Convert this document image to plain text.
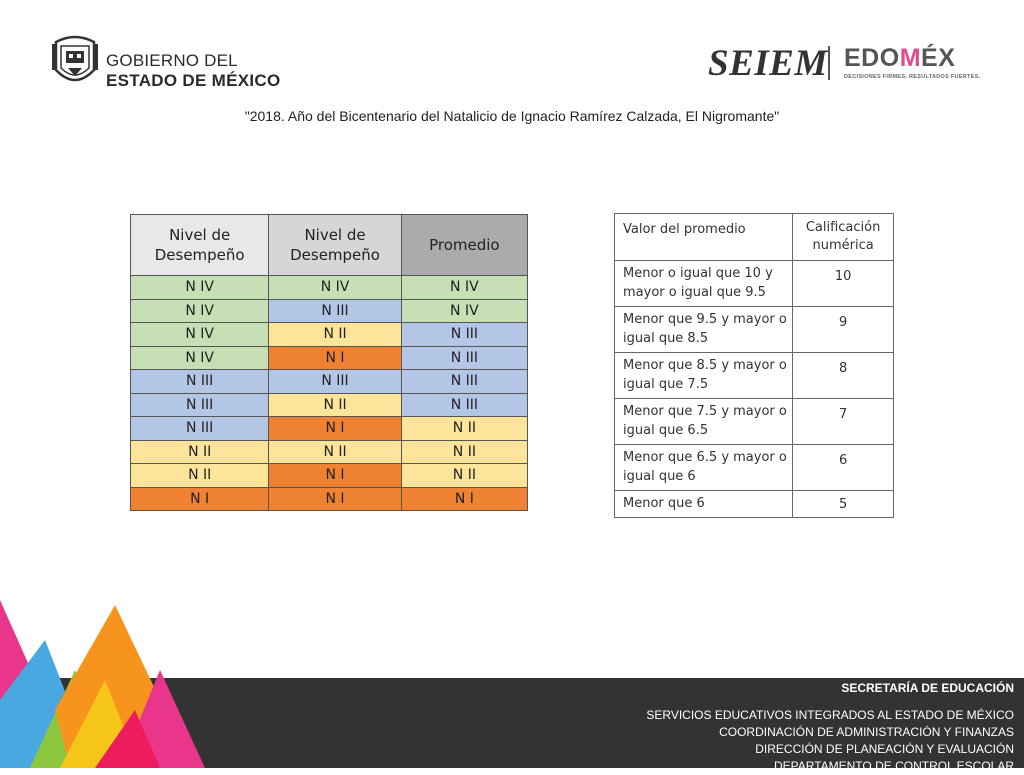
GOBIERNO DEL
ESTADO DE MÉXICO	SEIEM EDOMÉX
DECISIONES FIRMES, RESULTADOS FUERTES.
"2018. Año del Bicentenario del Natalicio de Ignacio Ramírez Calzada, El Nigromante"
Nivel de Desempeño	Nivel de Desempeño	Promedio
N IV	N IV	N IV
N IV	N III	N IV
N IV	N II	N III
N IV	N I	N III
N III	N III	N III
N III	N II	N III
N III	N I	N II
N II	N II	N II
N II	N I	N II
N I	N I	N I
Valor del promedio	Calificación numérica
Menor o igual que 10 y mayor o igual que 9.5	10
Menor que 9.5 y mayor o igual que 8.5	9
Menor que 8.5 y mayor o igual que 7.5	8
Menor que 7.5 y mayor o igual que 6.5	7
Menor que 6.5 y mayor o igual que 6	6
Menor que 6	5
SECRETARÍA DE EDUCACIÓN
SERVICIOS EDUCATIVOS INTEGRADOS AL ESTADO DE MÉXICO
COORDINACIÓN DE ADMINISTRACIÓN Y FINANZAS
DIRECCIÓN DE PLANEACIÓN Y EVALUACIÓN
DEPARTAMENTO DE CONTROL ESCOLAR
